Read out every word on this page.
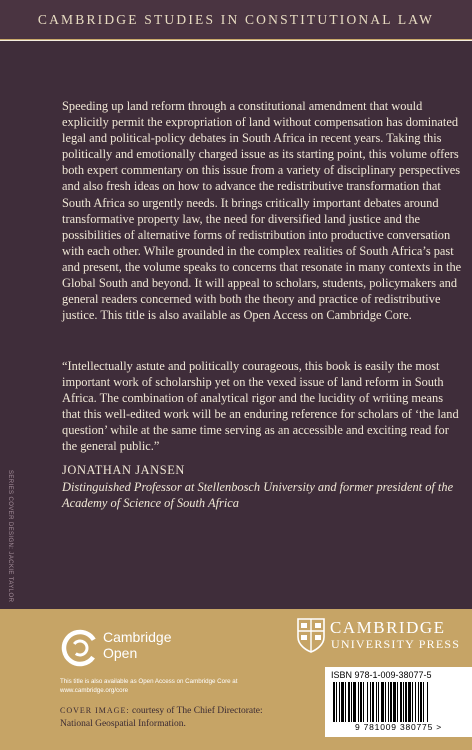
CAMBRIDGE STUDIES IN CONSTITUTIONAL LAW
SERIES COVER DESIGN: JACKIE TAYLOR

Speeding up land reform through a constitutional amendment that would explicitly permit the expropriation of land without compensation has dominated legal and political-policy debates in South Africa in recent years. Taking this politically and emotionally charged issue as its starting point, this volume offers both expert commentary on this issue from a variety of disciplinary perspectives and also fresh ideas on how to advance the redistributive transformation that South Africa so urgently needs. It brings critically important debates around transformative property law, the need for diversified land justice and the possibilities of alternative forms of redistribution into productive conversation with each other. While grounded in the complex realities of South Africa’s past and present, the volume speaks to concerns that resonate in many contexts in the Global South and beyond. It will appeal to scholars, students, policymakers and general readers concerned with both the theory and practice of redistributive justice. This title is also available as Open Access on Cambridge Core.

“Intellectually astute and politically courageous, this book is easily the most important work of scholarship yet on the vexed issue of land reform in South Africa. The combination of analytical rigor and the lucidity of writing means that this well-edited work will be an enduring reference for scholars of ‘the land question’ while at the same time serving as an accessible and exciting read for the general public.”

JONATHAN JANSEN
Distinguished Professor at Stellenbosch University and former president of the Academy of Science of South Africa
Cambridge
Open
This title is also available as Open Access on Cambridge Core at www.cambridge.org/core
COVER IMAGE: courtesy of The Chief Directorate: National Geospatial Information.
CAMBRIDGE
UNIVERSITY PRESS
ISBN 978-1-009-38077-5
9 781009 380775 >
